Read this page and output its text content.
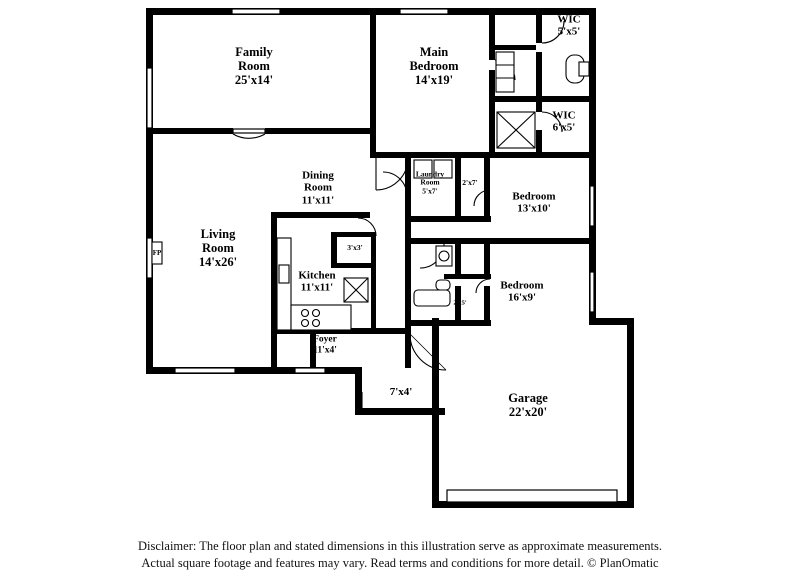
Family
Room
25'x14'
Main
Bedroom
14'x19'
WIC
5'x5'
WIC
6'x5'
Dining
Room
11'x11'
Laundry
Room
5'x7'
2'x7'
Bedroom
13'x10'
Living
Room
14'x26'
3'x3'
Kitchen
11'x11'	Bedroom
16'x9'
2'x5'
Foyer
11'x4'
7'x4'	Garage
22'x20'
FP
Disclaimer: The floor plan and stated dimensions in this illustration serve as approximate measurements.
Actual square footage and features may vary. Read terms and conditions for more detail. © PlanOmatic
